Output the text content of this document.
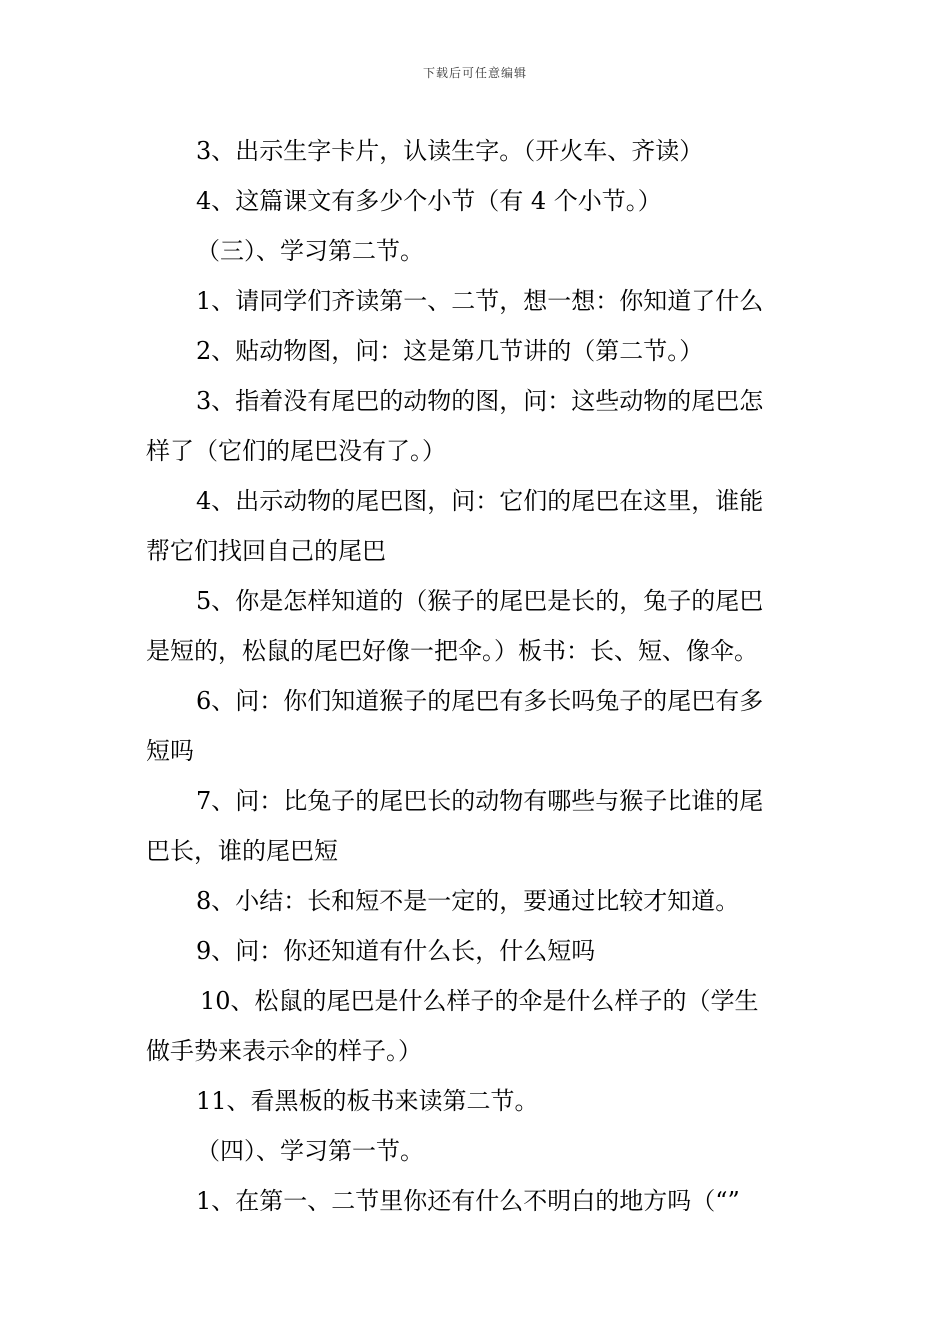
下载后可任意编辑
3、出示生字卡片，认读生字。（开火车、齐读）
4、这篇课文有多少个小节（有 4 个小节。）
（三）、学习第二节。
1、请同学们齐读第一、二节，想一想：你知道了什么
2、贴动物图，问：这是第几节讲的（第二节。）
3、指着没有尾巴的动物的图，问：这些动物的尾巴怎
样了（它们的尾巴没有了。）
4、出示动物的尾巴图，问：它们的尾巴在这里，谁能
帮它们找回自己的尾巴
5、你是怎样知道的（猴子的尾巴是长的，兔子的尾巴
是短的，松鼠的尾巴好像一把伞。）板书：长、短、像伞。
6、问：你们知道猴子的尾巴有多长吗兔子的尾巴有多
短吗
7、问：比兔子的尾巴长的动物有哪些与猴子比谁的尾
巴长，谁的尾巴短
8、小结：长和短不是一定的，要通过比较才知道。
9、问：你还知道有什么长，什么短吗
10、松鼠的尾巴是什么样子的伞是什么样子的（学生
做手势来表示伞的样子。）
11、看黑板的板书来读第二节。
（四）、学习第一节。
1、在第一、二节里你还有什么不明白的地方吗（“”
